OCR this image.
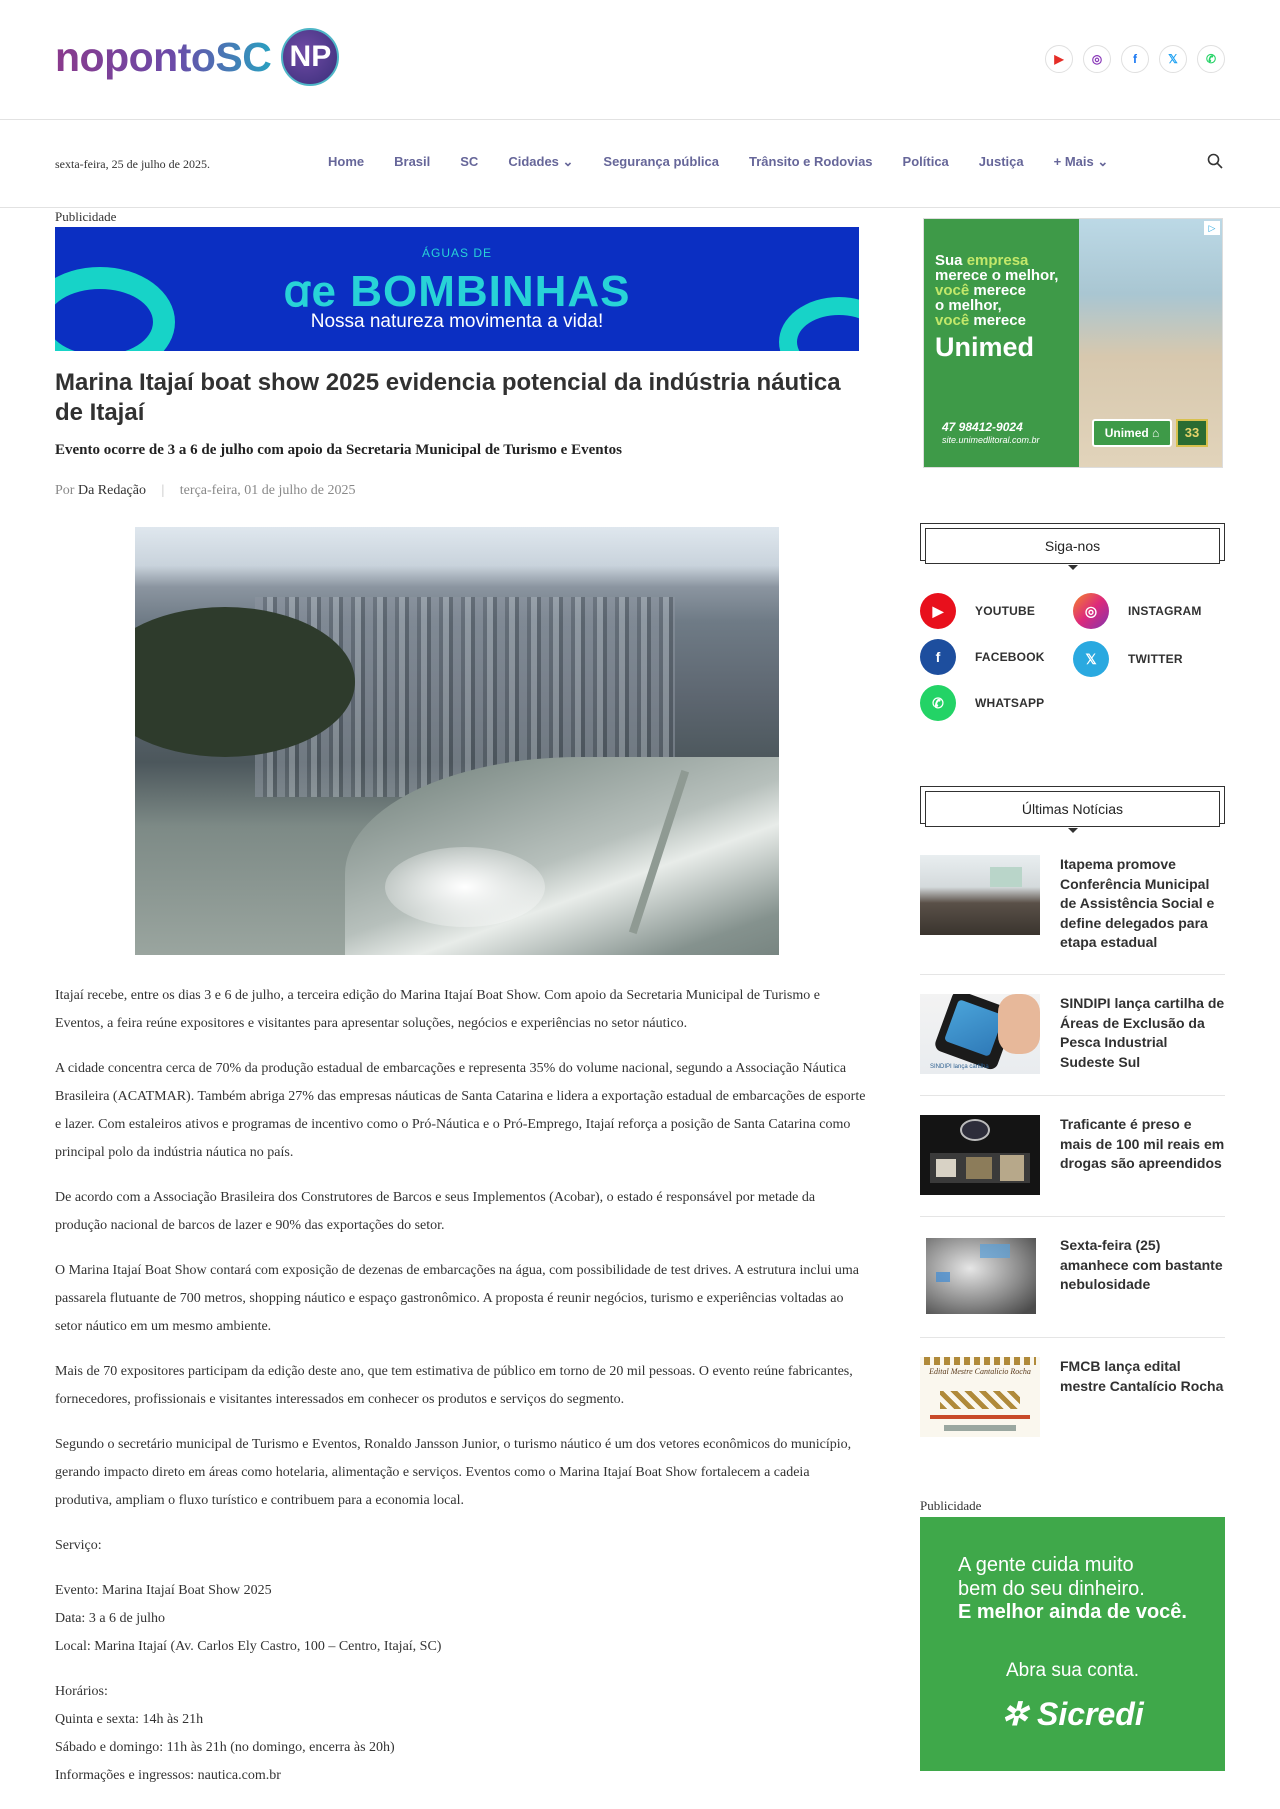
nopontoSC NP	▶	◎	f	𝕏	✆
sexta-feira, 25 de julho de 2025.	Home Brasil SC Cidades ⌄ Segurança pública Trânsito e Rodovias Política Justiça + Mais ⌄
Publicidade
ÁGUAS DE
ꭤe BOMBINHAS
Nossa natureza movimenta a vida!
Marina Itajaí boat show 2025 evidencia potencial da indústria náutica de Itajaí
Evento ocorre de 3 a 6 de julho com apoio da Secretaria Municipal de Turismo e Eventos
Por Da Redação | terça-feira, 01 de julho de 2025

Itajaí recebe, entre os dias 3 e 6 de julho, a terceira edição do Marina Itajaí Boat Show. Com apoio da Secretaria Municipal de Turismo e Eventos, a feira reúne expositores e visitantes para apresentar soluções, negócios e experiências no setor náutico.

A cidade concentra cerca de 70% da produção estadual de embarcações e representa 35% do volume nacional, segundo a Associação Náutica Brasileira (ACATMAR). Também abriga 27% das empresas náuticas de Santa Catarina e lidera a exportação estadual de embarcações de esporte e lazer. Com estaleiros ativos e programas de incentivo como o Pró-Náutica e o Pró-Emprego, Itajaí reforça a posição de Santa Catarina como principal polo da indústria náutica no país.

De acordo com a Associação Brasileira dos Construtores de Barcos e seus Implementos (Acobar), o estado é responsável por metade da produção nacional de barcos de lazer e 90% das exportações do setor.

O Marina Itajaí Boat Show contará com exposição de dezenas de embarcações na água, com possibilidade de test drives. A estrutura inclui uma passarela flutuante de 700 metros, shopping náutico e espaço gastronômico. A proposta é reunir negócios, turismo e experiências voltadas ao setor náutico em um mesmo ambiente.

Mais de 70 expositores participam da edição deste ano, que tem estimativa de público em torno de 20 mil pessoas. O evento reúne fabricantes, fornecedores, profissionais e visitantes interessados em conhecer os produtos e serviços do segmento.

Segundo o secretário municipal de Turismo e Eventos, Ronaldo Jansson Junior, o turismo náutico é um dos vetores econômicos do município, gerando impacto direto em áreas como hotelaria, alimentação e serviços. Eventos como o Marina Itajaí Boat Show fortalecem a cadeia produtiva, ampliam o fluxo turístico e contribuem para a economia local.

Serviço:

Evento: Marina Itajaí Boat Show 2025

Data: 3 a 6 de julho

Local: Marina Itajaí (Av. Carlos Ely Castro, 100 – Centro, Itajaí, SC)

Horários:

Quinta e sexta: 14h às 21h

Sábado e domingo: 11h às 21h (no domingo, encerra às 20h)

Informações e ingressos: nautica.com.br

▷
Sua empresa
merece o melhor,
você merece
o melhor,
você merece
Unimed
47 98412-9024
site.unimedlitoral.com.br	Unimed ⌂	33
Siga-nos
▶	YOUTUBE	◎	INSTAGRAM
f	FACEBOOK	𝕏	TWITTER
✆	WHATSAPP
Últimas Notícias
Itapema promove Conferência Municipal de Assistência Social e define delegados para etapa estadual
SINDIPI lança cartilha
SINDIPI lança cartilha de Áreas de Exclusão da Pesca Industrial Sudeste Sul
Traficante é preso e mais de 100 mil reais em drogas são apreendidos
Sexta-feira (25) amanhece com bastante nebulosidade
Edital Mestre Cantalício Rocha	FMCB lança edital mestre Cantalício Rocha
Publicidade
A gente cuida muito
bem do seu dinheiro.
E melhor ainda de você.
Abra sua conta.
✲ Sicredi
